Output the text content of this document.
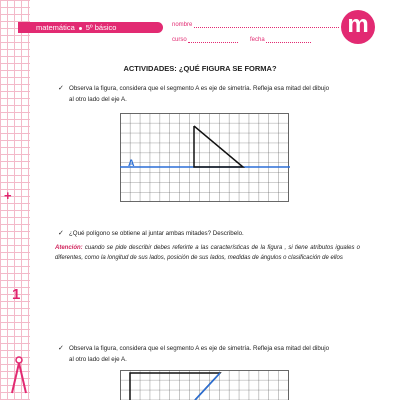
+
1
matemática 5º básico	nombre
curso	fecha
m
ACTIVIDADES: ¿QUÉ FIGURA SE FORMA?
✓ Observa la figura, considera que el segmento A es eje de simetría. Refleja esa mitad del dibujo
al otro lado del eje A.
A
✓ ¿Qué polígono se obtiene al juntar ambas mitades? Describelo.
Atención: cuando se pide describir debes referirte a las características de la figura , si tiene atributos iguales o diferentes, como la longitud de sus lados, posición de sus lados, medidas de ángulos o clasificación de ellos
✓ Observa la figura, considera que el segmento A es eje de simetría. Refleja esa mitad del dibujo
al otro lado del eje A.
